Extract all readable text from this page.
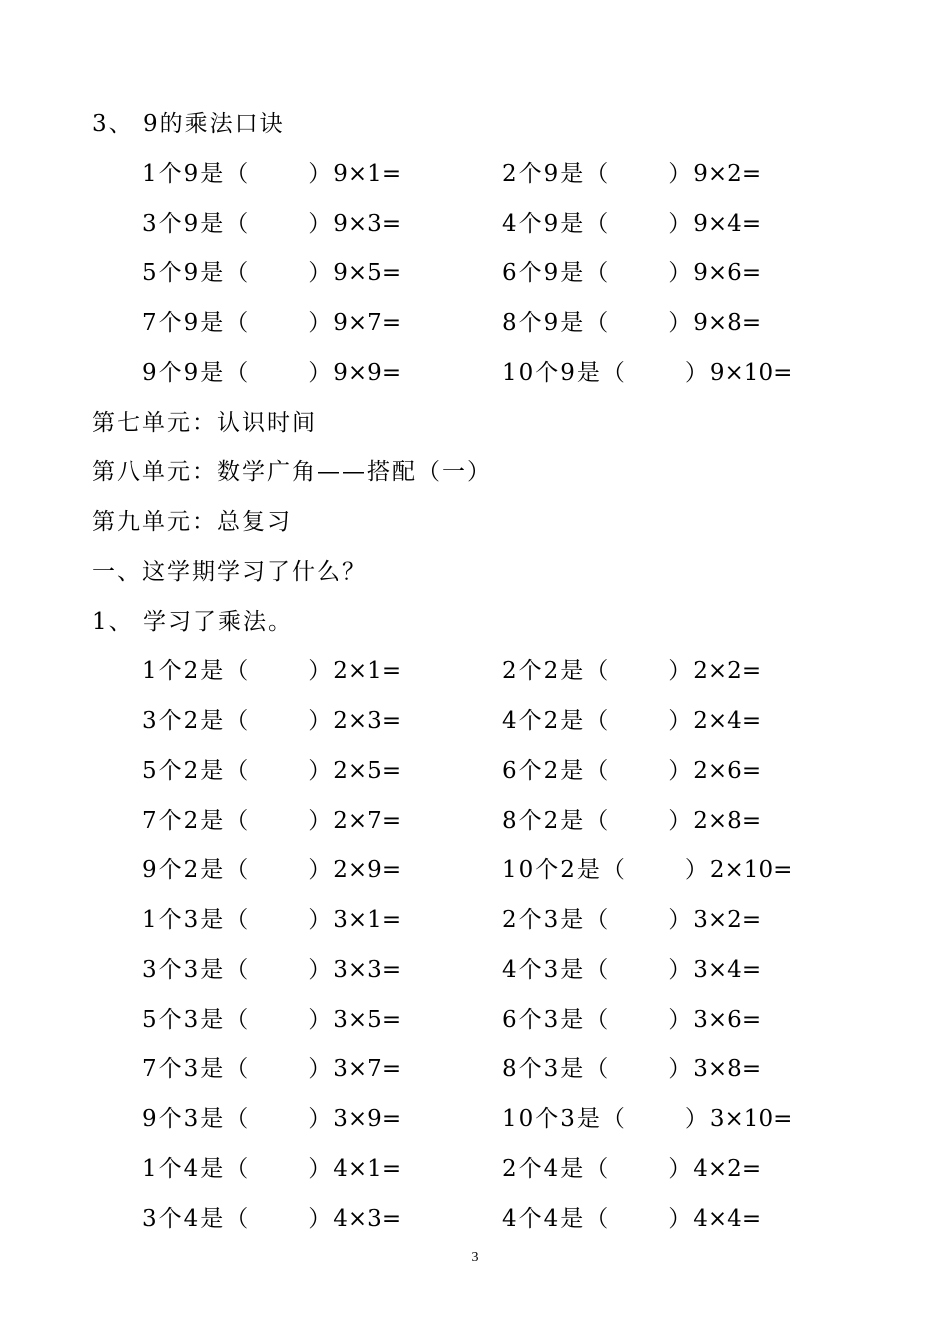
3
3、 9的乘法口诀
1个9是（	）9×1=	2个9是（	）9×2=
3个9是（	）9×3=	4个9是（	）9×4=
5个9是（	）9×5=	6个9是（	）9×6=
7个9是（	）9×7=	8个9是（	）9×8=
9个9是（	）9×9=	10个9是（	）9×10=
第七单元：认识时间
第八单元：数学广角——搭配（一）
第九单元：总复习
一、这学期学习了什么？
1、 学习了乘法。
1个2是（	）2×1=	2个2是（	）2×2=
3个2是（	）2×3=	4个2是（	）2×4=
5个2是（	）2×5=	6个2是（	）2×6=
7个2是（	）2×7=	8个2是（	）2×8=
9个2是（	）2×9=	10个2是（	）2×10=
1个3是（	）3×1=	2个3是（	）3×2=
3个3是（	）3×3=	4个3是（	）3×4=
5个3是（	）3×5=	6个3是（	）3×6=
7个3是（	）3×7=	8个3是（	）3×8=
9个3是（	）3×9=	10个3是（	）3×10=
1个4是（	）4×1=	2个4是（	）4×2=
3个4是（	）4×3=	4个4是（	）4×4=
